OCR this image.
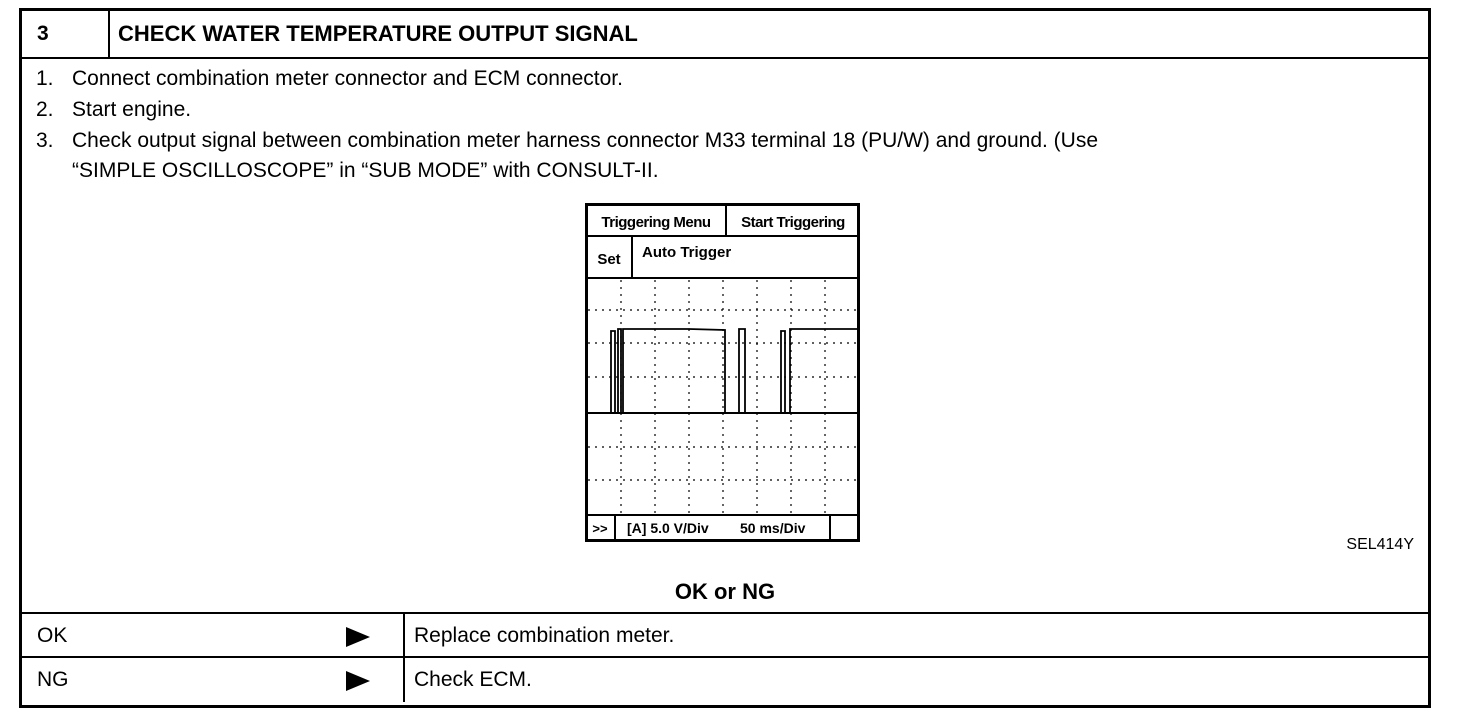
3	CHECK WATER TEMPERATURE OUTPUT SIGNAL
1. Connect combination meter connector and ECM connector.
2. Start engine.
3. Check output signal between combination meter harness connector M33 terminal 18 (PU/W) and ground. (Use
“SIMPLE OSCILLOSCOPE” in “SUB MODE” with CONSULT-II.
Triggering Menu Start Triggering
Set Auto Trigger
>> [A] 5.0 V/Div 50 ms/Div
SEL414Y
OK or NG
OK	Replace combination meter.
NG	Check ECM.
